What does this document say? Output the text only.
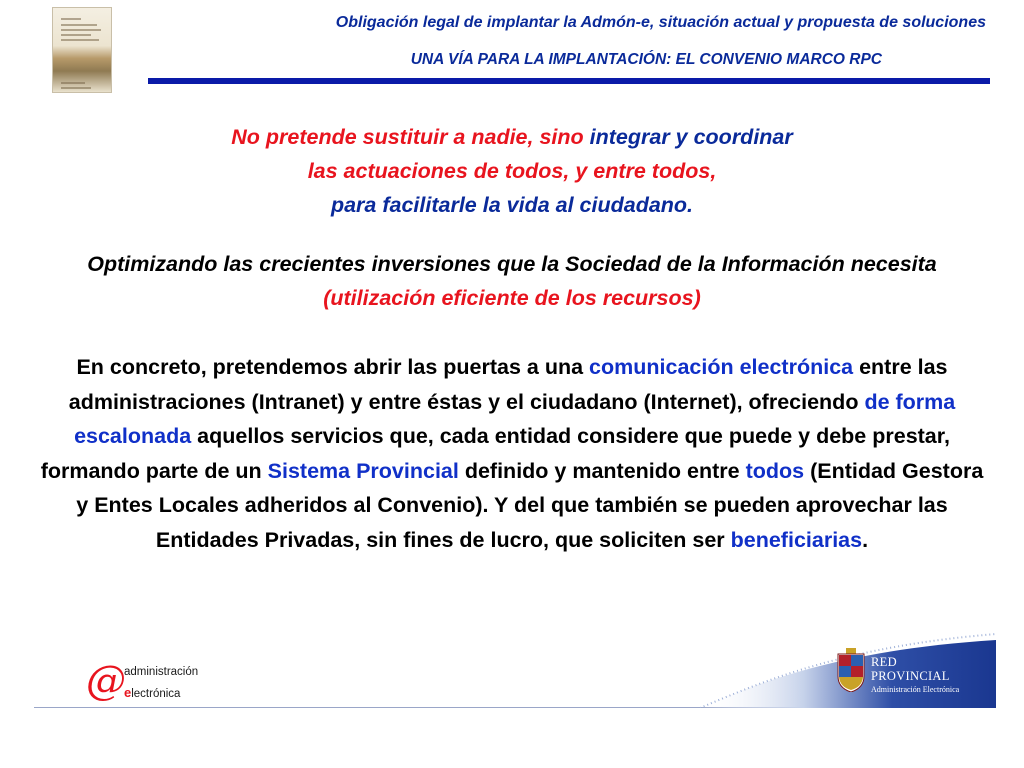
Obligación legal de implantar la Admón-e, situación actual y propuesta de soluciones
UNA VÍA PARA LA IMPLANTACIÓN: EL CONVENIO MARCO RPC
No pretende sustituir a nadie, sino integrar y coordinar
las actuaciones de todos, y entre todos,
para facilitarle la vida al ciudadano.
Optimizando las crecientes inversiones que la Sociedad de la Información necesita (utilización eficiente de los recursos)
En concreto, pretendemos abrir las puertas a una comunicación electrónica entre las administraciones (Intranet) y entre éstas y el ciudadano (Internet), ofreciendo de forma escalonada aquellos servicios que, cada entidad considere que puede y debe prestar, formando parte de un Sistema Provincial definido y mantenido entre todos (Entidad Gestora y Entes Locales adheridos al Convenio). Y del que también se pueden aprovechar las Entidades Privadas, sin fines de lucro, que soliciten ser beneficiarias.
@
administración
electrónica
RED
PROVINCIAL
Administración Electrónica
